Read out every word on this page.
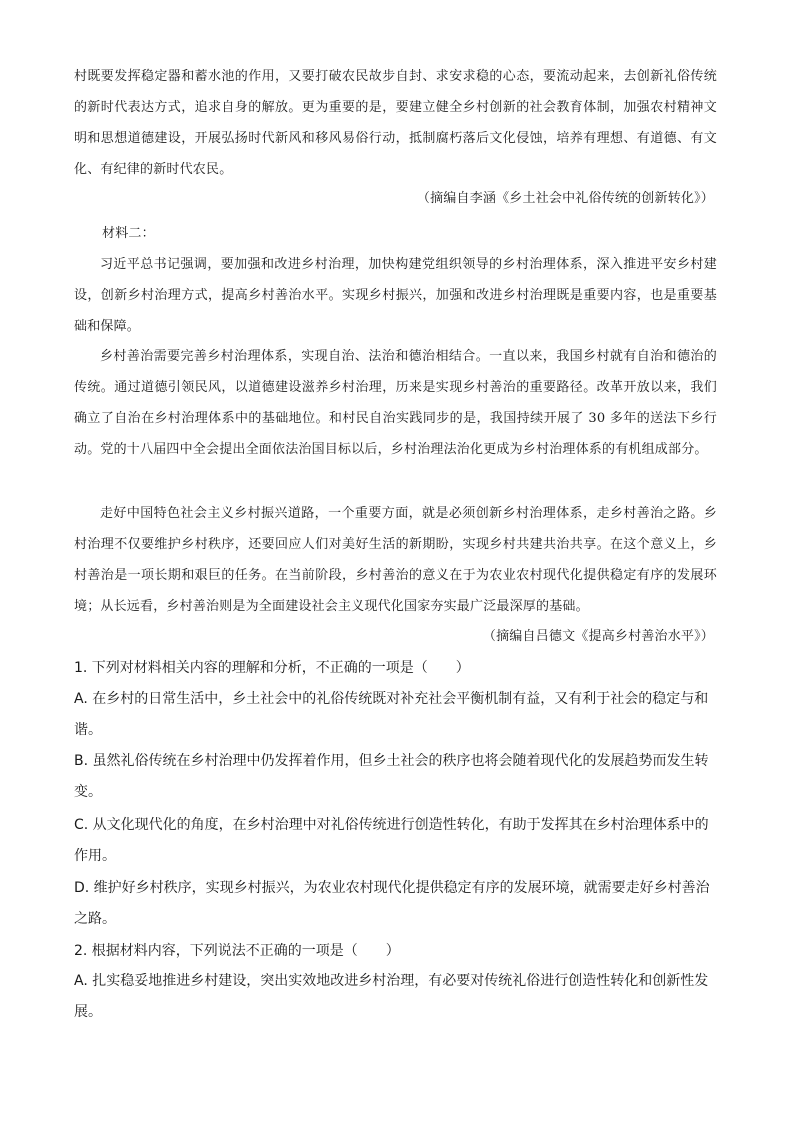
村既要发挥稳定器和蓄水池的作用，又要打破农民故步自封、求安求稳的心态，要流动起来，去创新礼俗传统的新时代表达方式，追求自身的解放。更为重要的是，要建立健全乡村创新的社会教育体制，加强农村精神文明和思想道德建设，开展弘扬时代新风和移风易俗行动，抵制腐朽落后文化侵蚀，培养有理想、有道德、有文化、有纪律的新时代农民。

（摘编自李涵《乡土社会中礼俗传统的创新转化》）

材料二：

习近平总书记强调，要加强和改进乡村治理，加快构建党组织领导的乡村治理体系，深入推进平安乡村建设，创新乡村治理方式，提高乡村善治水平。实现乡村振兴，加强和改进乡村治理既是重要内容，也是重要基础和保障。

乡村善治需要完善乡村治理体系，实现自治、法治和德治相结合。一直以来，我国乡村就有自治和德治的传统。通过道德引领民风，以道德建设滋养乡村治理，历来是实现乡村善治的重要路径。改革开放以来，我们确立了自治在乡村治理体系中的基础地位。和村民自治实践同步的是，我国持续开展了 30 多年的送法下乡行动。党的十八届四中全会提出全面依法治国目标以后，乡村治理法治化更成为乡村治理体系的有机组成部分。

走好中国特色社会主义乡村振兴道路，一个重要方面，就是必须创新乡村治理体系，走乡村善治之路。乡村治理不仅要维护乡村秩序，还要回应人们对美好生活的新期盼，实现乡村共建共治共享。在这个意义上，乡村善治是一项长期和艰巨的任务。在当前阶段，乡村善治的意义在于为农业农村现代化提供稳定有序的发展环境；从长远看，乡村善治则是为全面建设社会主义现代化国家夯实最广泛最深厚的基础。

（摘编自吕德文《提高乡村善治水平》）

1. 下列对材料相关内容的理解和分析，不正确的一项是（　　）

A. 在乡村的日常生活中，乡土社会中的礼俗传统既对补充社会平衡机制有益，又有利于社会的稳定与和谐。

B. 虽然礼俗传统在乡村治理中仍发挥着作用，但乡土社会的秩序也将会随着现代化的发展趋势而发生转变。

C. 从文化现代化的角度，在乡村治理中对礼俗传统进行创造性转化，有助于发挥其在乡村治理体系中的作用。

D. 维护好乡村秩序，实现乡村振兴，为农业农村现代化提供稳定有序的发展环境，就需要走好乡村善治之路。

2. 根据材料内容，下列说法不正确的一项是（　　）

A. 扎实稳妥地推进乡村建设，突出实效地改进乡村治理，有必要对传统礼俗进行创造性转化和创新性发展。
